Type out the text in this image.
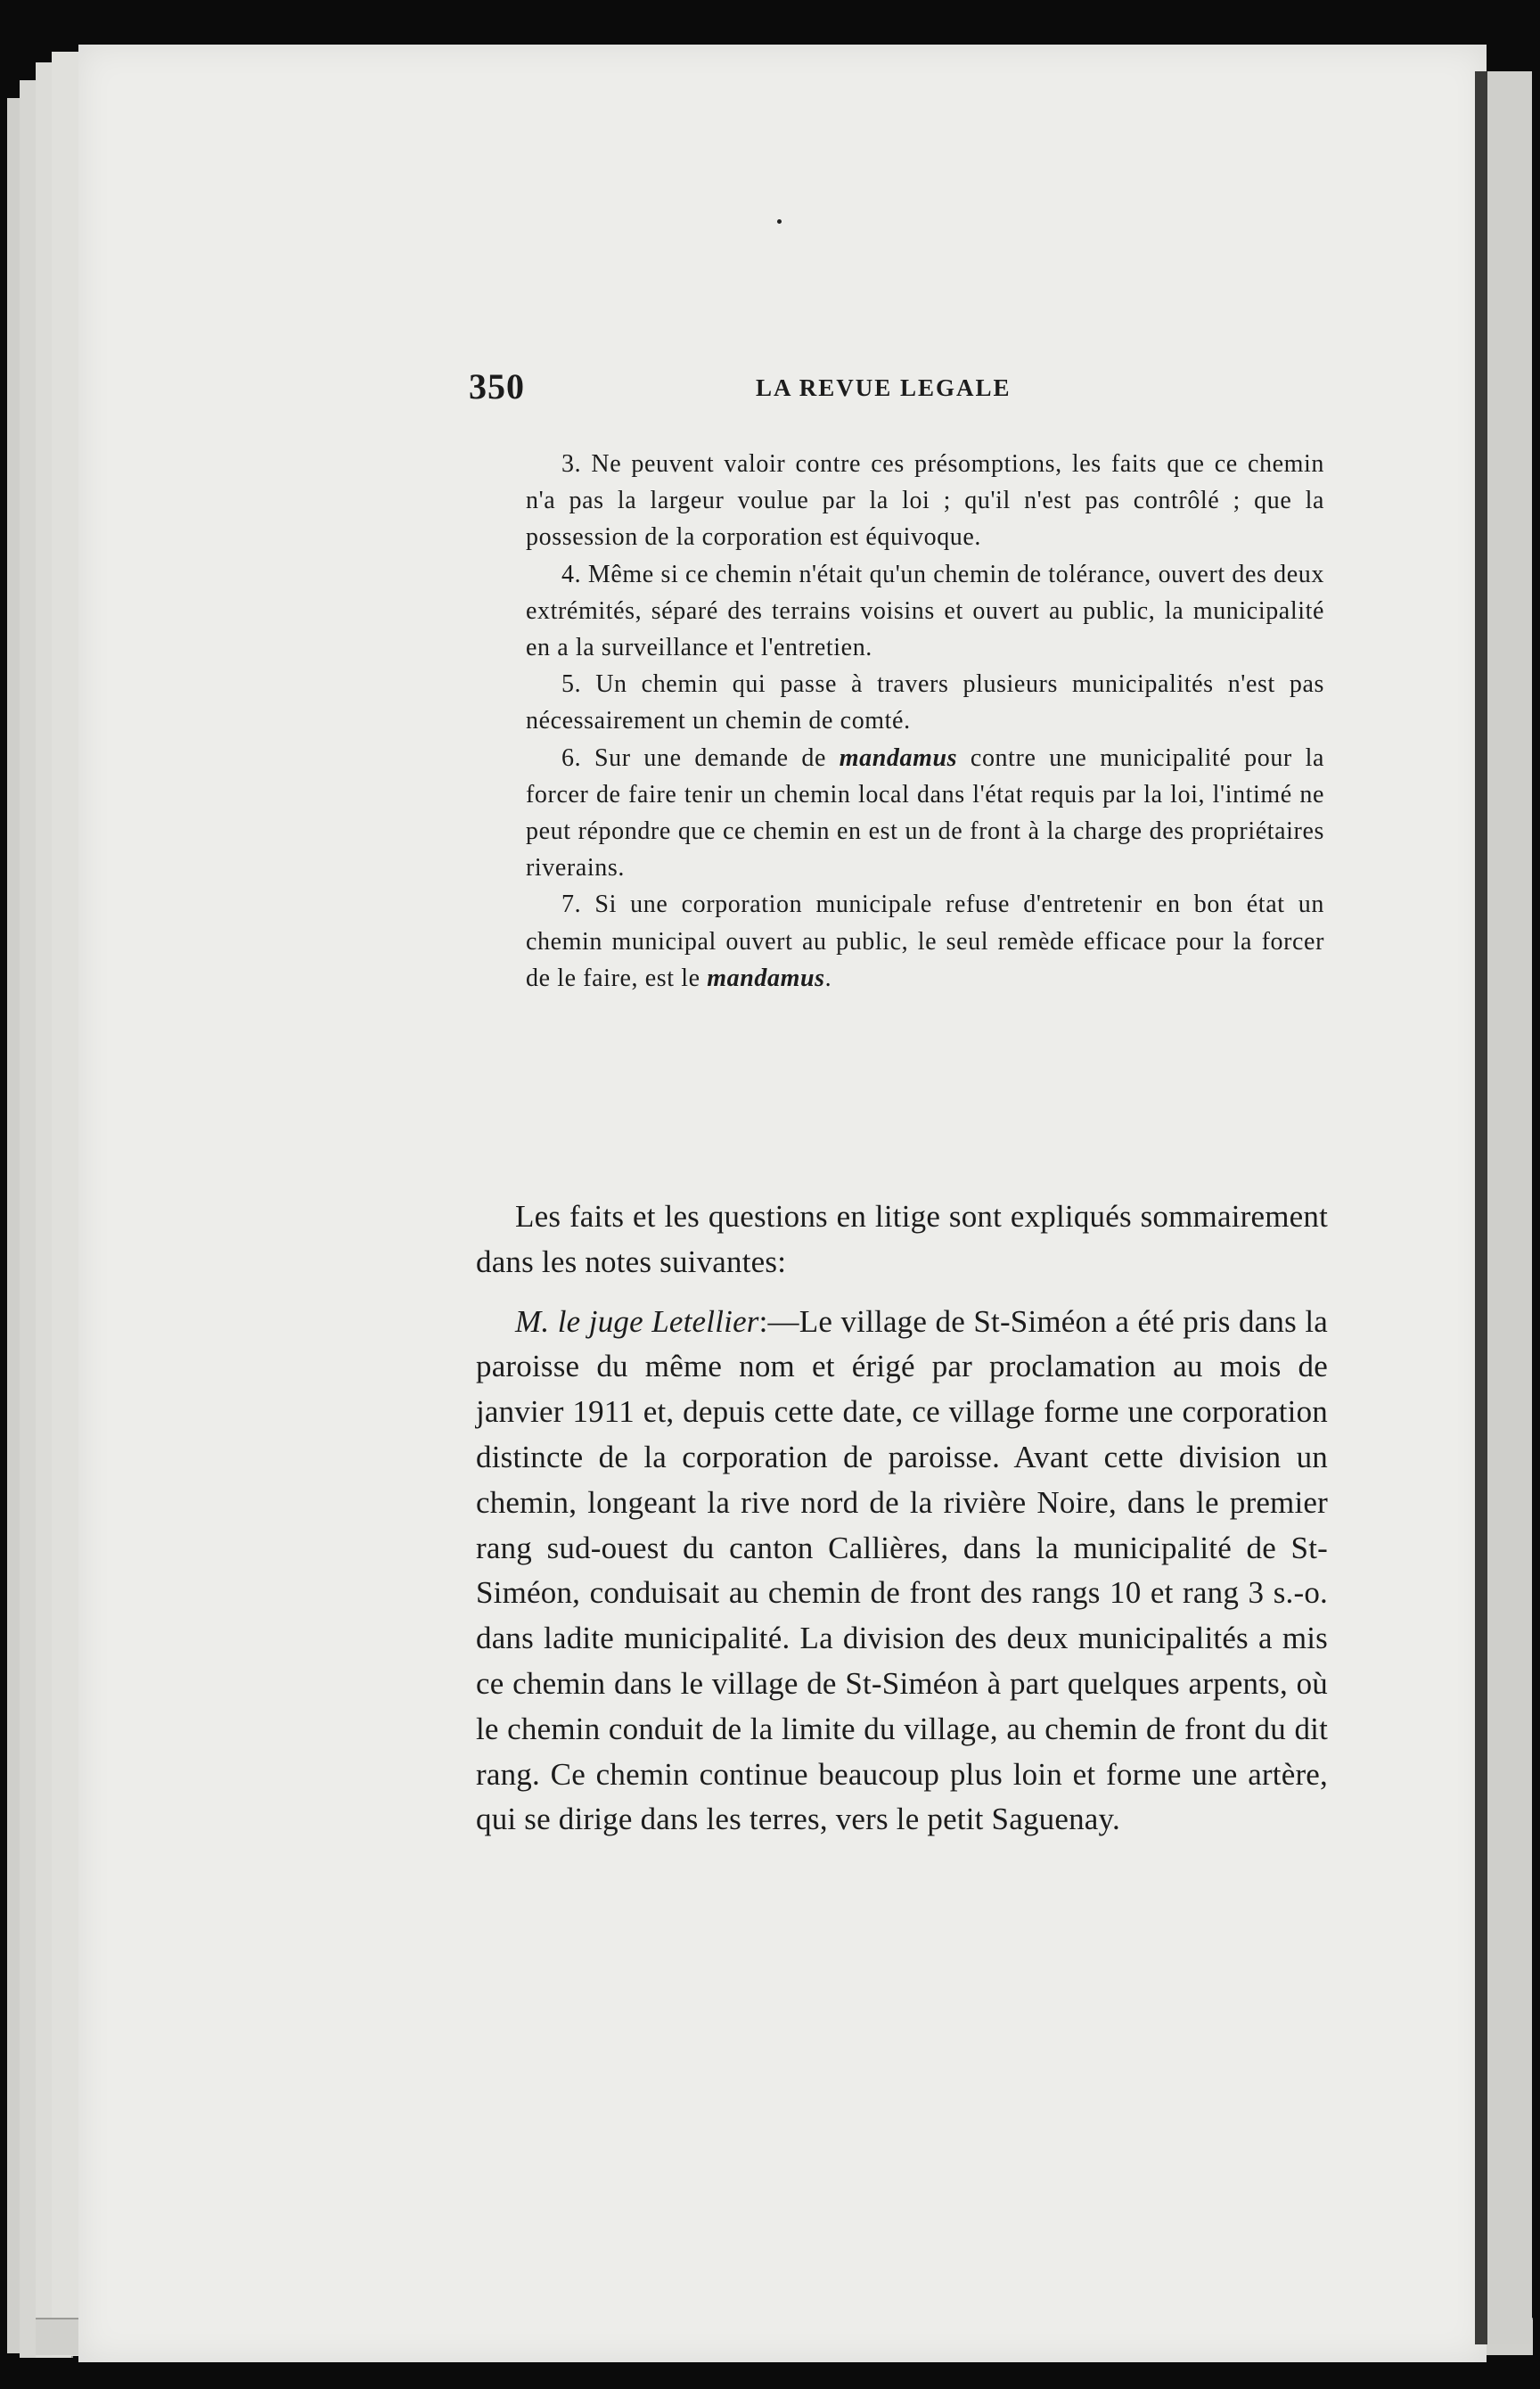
350	LA REVUE LEGALE

3. Ne peuvent valoir contre ces présomptions, les faits que ce chemin n'a pas la largeur voulue par la loi ; qu'il n'est pas contrôlé ; que la possession de la corporation est équivoque.

4. Même si ce chemin n'était qu'un chemin de tolérance, ouvert des deux extrémités, séparé des terrains voisins et ouvert au public, la municipalité en a la surveillance et l'entretien.

5. Un chemin qui passe à travers plusieurs municipalités n'est pas nécessairement un chemin de comté.

6. Sur une demande de mandamus contre une municipalité pour la forcer de faire tenir un chemin local dans l'état requis par la loi, l'intimé ne peut répondre que ce chemin en est un de front à la charge des propriétaires riverains.

7. Si une corporation municipale refuse d'entretenir en bon état un chemin municipal ouvert au public, le seul remède efficace pour la forcer de le faire, est le mandamus.

Les faits et les questions en litige sont expliqués sommairement dans les notes suivantes:

M. le juge Letellier:—Le village de St-Siméon a été pris dans la paroisse du même nom et érigé par proclamation au mois de janvier 1911 et, depuis cette date, ce village forme une corporation distincte de la corporation de paroisse. Avant cette division un chemin, longeant la rive nord de la rivière Noire, dans le premier rang sud-ouest du canton Callières, dans la municipalité de St-Siméon, conduisait au chemin de front des rangs 10 et rang 3 s.-o. dans ladite municipalité. La division des deux municipalités a mis ce chemin dans le village de St-Siméon à part quelques arpents, où le chemin conduit de la limite du village, au chemin de front du dit rang. Ce chemin continue beaucoup plus loin et forme une artère, qui se dirige dans les terres, vers le petit Saguenay.
